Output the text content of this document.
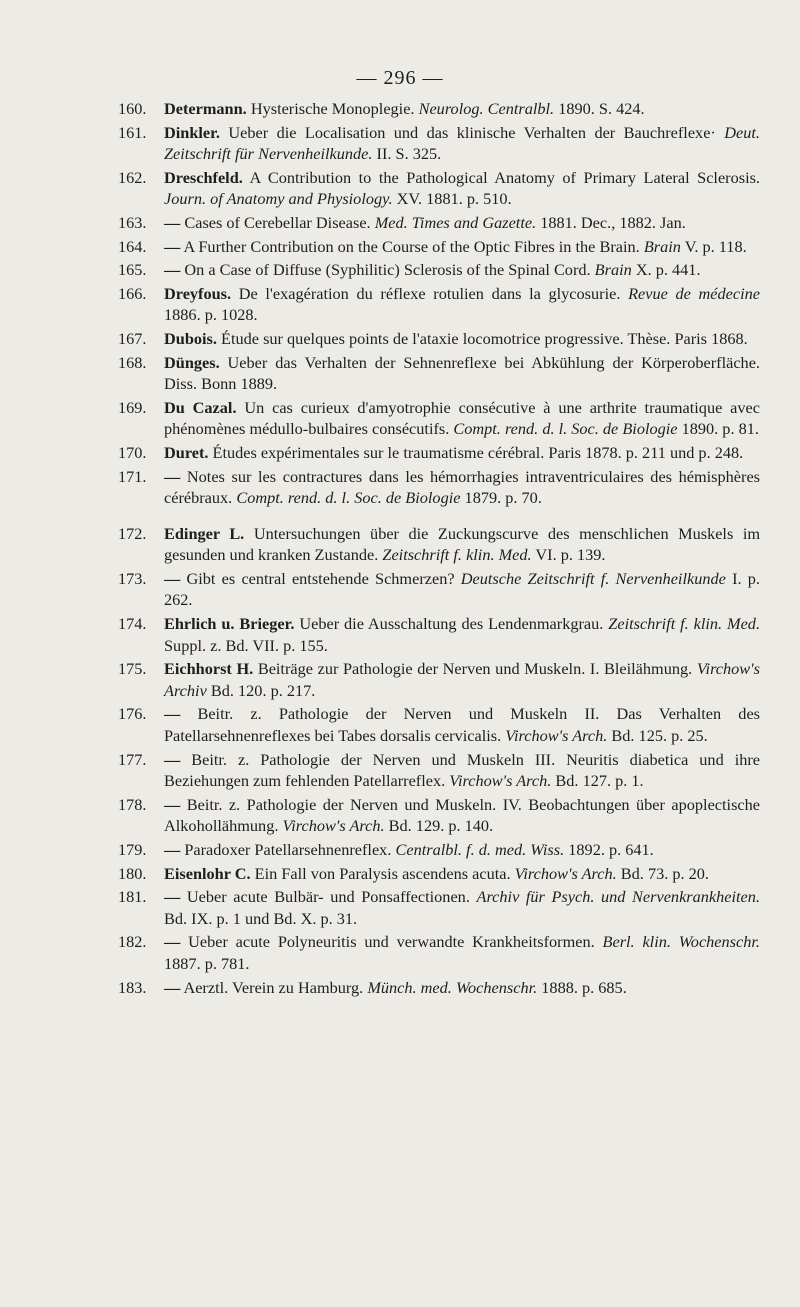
— 296 —
160. Determann. Hysterische Monoplegie. Neurolog. Centralbl. 1890. S. 424.
161. Dinkler. Ueber die Localisation und das klinische Verhalten der Bauchreflexe· Deut. Zeitschrift für Nervenheilkunde. II. S. 325.
162. Dreschfeld. A Contribution to the Pathological Anatomy of Primary Lateral Sclerosis. Journ. of Anatomy and Physiology. XV. 1881. p. 510.
163. — Cases of Cerebellar Disease. Med. Times and Gazette. 1881. Dec., 1882. Jan.
164. — A Further Contribution on the Course of the Optic Fibres in the Brain. Brain V. p. 118.
165. — On a Case of Diffuse (Syphilitic) Sclerosis of the Spinal Cord. Brain X. p. 441.
166. Dreyfous. De l'exagération du réflexe rotulien dans la glycosurie. Revue de médecine 1886. p. 1028.
167. Dubois. Étude sur quelques points de l'ataxie locomotrice progressive. Thèse. Paris 1868.
168. Dünges. Ueber das Verhalten der Sehnenreflexe bei Abkühlung der Körperoberfläche. Diss. Bonn 1889.
169. Du Cazal. Un cas curieux d'amyotrophie consécutive à une arthrite traumatique avec phénomènes médullo-bulbaires consécutifs. Compt. rend. d. l. Soc. de Biologie 1890. p. 81.
170. Duret. Études expérimentales sur le traumatisme cérébral. Paris 1878. p. 211 und p. 248.
171. — Notes sur les contractures dans les hémorrhagies intraventriculaires des hémisphères cérébraux. Compt. rend. d. l. Soc. de Biologie 1879. p. 70.
172. Edinger L. Untersuchungen über die Zuckungscurve des menschlichen Muskels im gesunden und kranken Zustande. Zeitschrift f. klin. Med. VI. p. 139.
173. — Gibt es central entstehende Schmerzen? Deutsche Zeitschrift f. Nervenheilkunde I. p. 262.
174. Ehrlich u. Brieger. Ueber die Ausschaltung des Lendenmarkgrau. Zeitschrift f. klin. Med. Suppl. z. Bd. VII. p. 155.
175. Eichhorst H. Beiträge zur Pathologie der Nerven und Muskeln. I. Bleilähmung. Virchow's Archiv Bd. 120. p. 217.
176. — Beitr. z. Pathologie der Nerven und Muskeln II. Das Verhalten des Patellarsehnenreflexes bei Tabes dorsalis cervicalis. Virchow's Arch. Bd. 125. p. 25.
177. — Beitr. z. Pathologie der Nerven und Muskeln III. Neuritis diabetica und ihre Beziehungen zum fehlenden Patellarreflex. Virchow's Arch. Bd. 127. p. 1.
178. — Beitr. z. Pathologie der Nerven und Muskeln. IV. Beobachtungen über apoplectische Alkohollähmung. Virchow's Arch. Bd. 129. p. 140.
179. — Paradoxer Patellarsehnenreflex. Centralbl. f. d. med. Wiss. 1892. p. 641.
180. Eisenlohr C. Ein Fall von Paralysis ascendens acuta. Virchow's Arch. Bd. 73. p. 20.
181. — Ueber acute Bulbär- und Ponsaffectionen. Archiv für Psych. und Nervenkrankheiten. Bd. IX. p. 1 und Bd. X. p. 31.
182. — Ueber acute Polyneuritis und verwandte Krankheitsformen. Berl. klin. Wochenschr. 1887. p. 781.
183. — Aerztl. Verein zu Hamburg. Münch. med. Wochenschr. 1888. p. 685.
